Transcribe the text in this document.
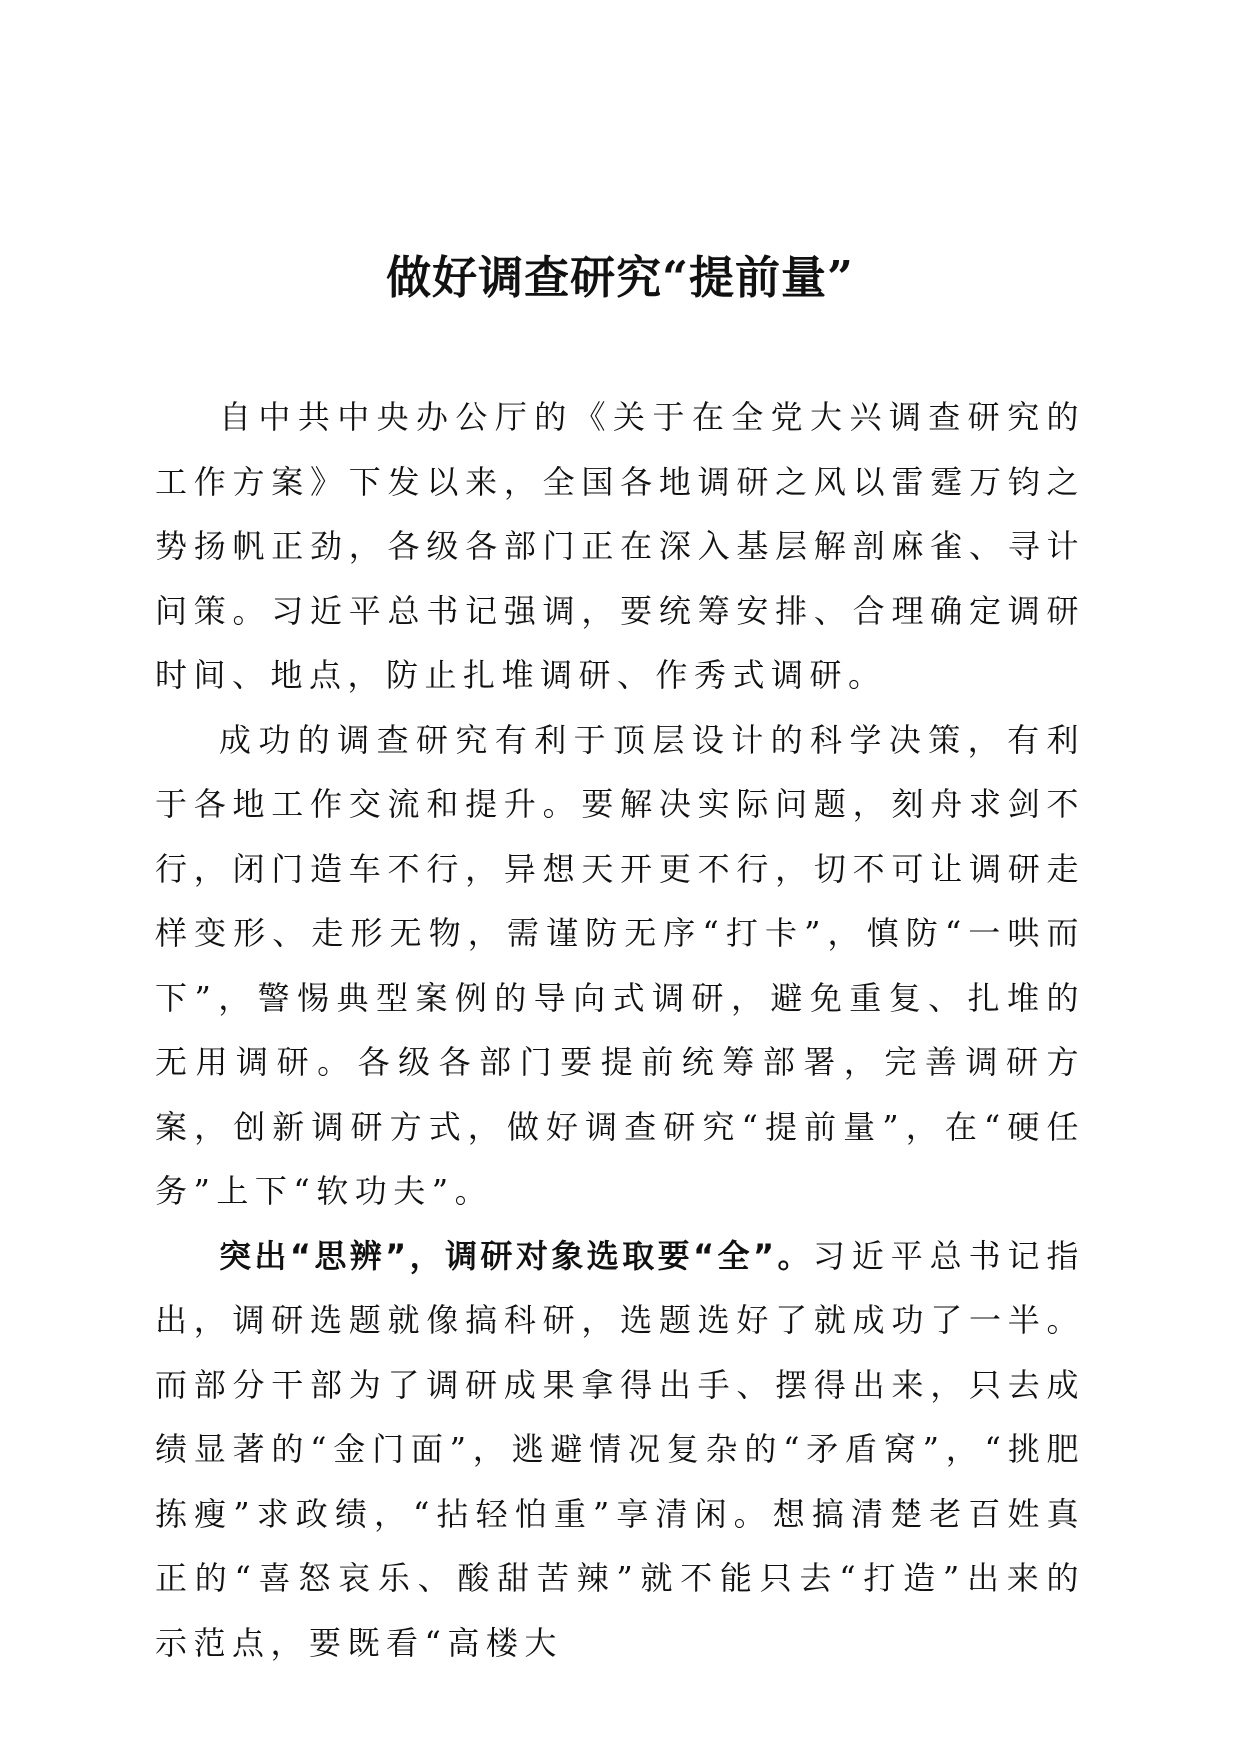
做好调查研究“提前量”

自中共中央办公厅的《关于在全党大兴调查研究的工作方案》下发以来，全国各地调研之风以雷霆万钧之势扬帆正劲，各级各部门正在深入基层解剖麻雀、寻计问策。习近平总书记强调，要统筹安排、合理确定调研时间、地点，防止扎堆调研、作秀式调研。

成功的调查研究有利于顶层设计的科学决策，有利于各地工作交流和提升。要解决实际问题，刻舟求剑不行，闭门造车不行，异想天开更不行，切不可让调研走样变形、走形无物，需谨防无序“打卡”，慎防“一哄而下”，警惕典型案例的导向式调研，避免重复、扎堆的无用调研。各级各部门要提前统筹部署，完善调研方案，创新调研方式，做好调查研究“提前量”，在“硬任务”上下“软功夫”。

突出“思辨”，调研对象选取要“全”。习近平总书记指出，调研选题就像搞科研，选题选好了就成功了一半。而部分干部为了调研成果拿得出手、摆得出来，只去成绩显著的“金门面”，逃避情况复杂的“矛盾窝”，“挑肥拣瘦”求政绩，“拈轻怕重”享清闲。想搞清楚老百姓真正的“喜怒哀乐、酸甜苦辣”就不能只去“打造”出来的示范点，要既看“高楼大
